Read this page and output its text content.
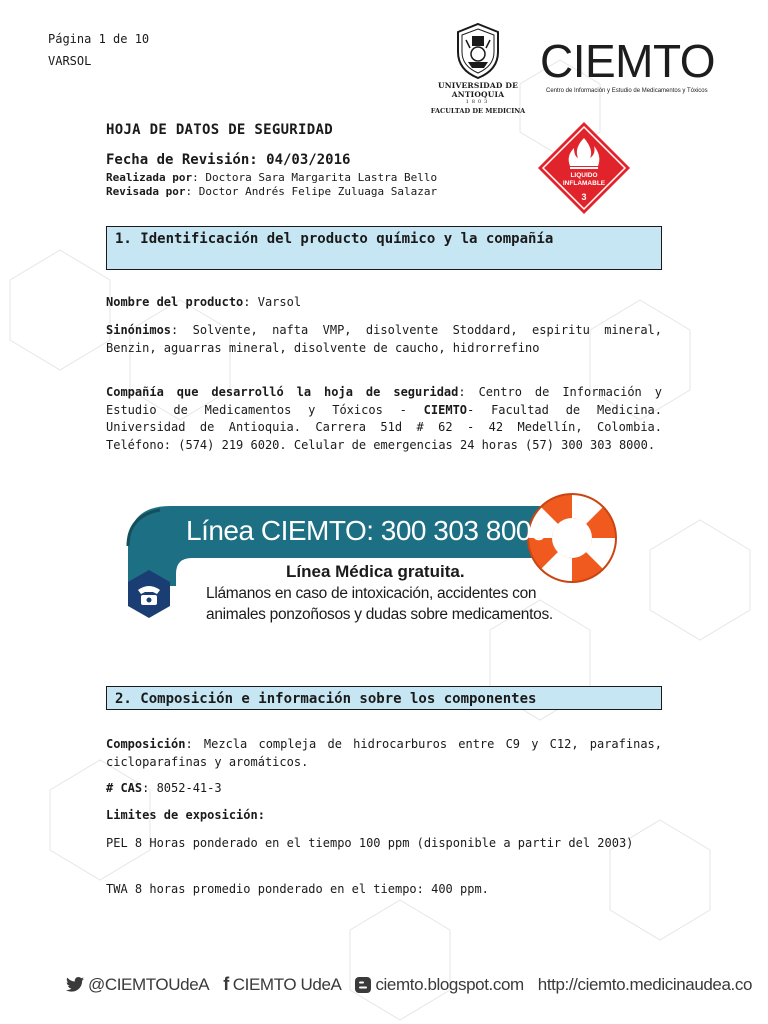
Página 1 de 10
VARSOL
UNIVERSIDAD DE ANTIOQUIA
1803
FACULTAD DE MEDICINA
CIEMTO
Centro de Información y Estudio de Medicamentos y Tóxicos
HOJA DE DATOS DE SEGURIDAD
Fecha de Revisión: 04/03/2016
Realizada por: Doctora Sara Margarita Lastra Bello
Revisada por: Doctor Andrés Felipe Zuluaga Salazar
LIQUIDO
INFLAMABLE
3
1. Identificación del producto químico y la compañía
Nombre del producto: Varsol
Sinónimos: Solvente, nafta VMP, disolvente Stoddard, espiritu mineral, Benzin, aguarras mineral, disolvente de caucho, hidrorrefino
Compañía que desarrolló la hoja de seguridad: Centro de Información y Estudio de Medicamentos y Tóxicos - CIEMTO- Facultad de Medicina. Universidad de Antioquia. Carrera 51d # 62 - 42 Medellín, Colombia. Teléfono: (574) 219 6020. Celular de emergencias 24 horas (57) 300 303 8000.
Línea CIEMTO: 300 303 8000
Línea Médica gratuita.
Llámanos en caso de intoxicación, accidentes con
animales ponzoñosos y dudas sobre medicamentos.
2. Composición e información sobre los componentes
Composición: Mezcla compleja de hidrocarburos entre C9 y C12, parafinas, cicloparafinas y aromáticos.
# CAS: 8052-41-3
Limites de exposición:
PEL 8 Horas ponderado en el tiempo 100 ppm (disponible a partir del 2003)
TWA 8 horas promedio ponderado en el tiempo: 400 ppm.
@CIEMTOUdeA f CIEMTO UdeA ciemto.blogspot.com http://ciemto.medicinaudea.co
